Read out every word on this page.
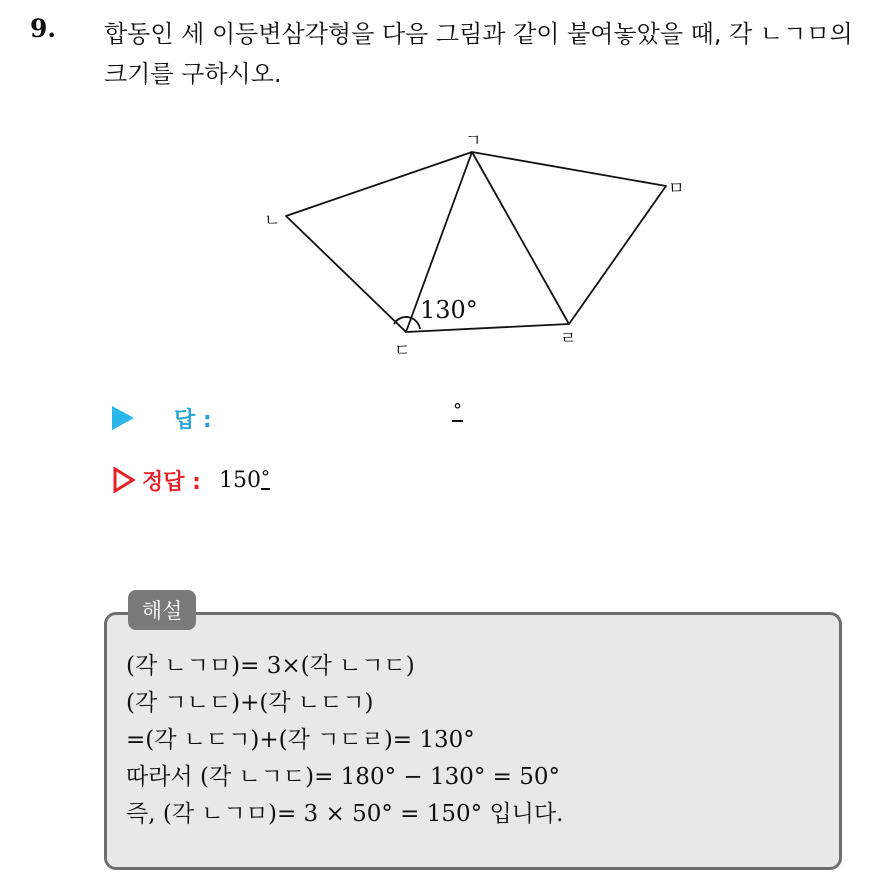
9. 합동인 세 이등변삼각형을 다음 그림과 같이 붙여놓았을 때, 각 ㄴㄱㅁ의 크기를 구하시오.
ㄱ
ㄴ
ㄷ
ㄹ
ㅁ
130°
답 :	°
정답 : 150°
해설
(각 ㄴㄱㅁ)= 3×(각 ㄴㄱㄷ)
(각 ㄱㄴㄷ)+(각 ㄴㄷㄱ)
=(각 ㄴㄷㄱ)+(각 ㄱㄷㄹ)= 130°
따라서 (각 ㄴㄱㄷ)= 180° − 130° = 50°
즉, (각 ㄴㄱㅁ)= 3 × 50° = 150° 입니다.
